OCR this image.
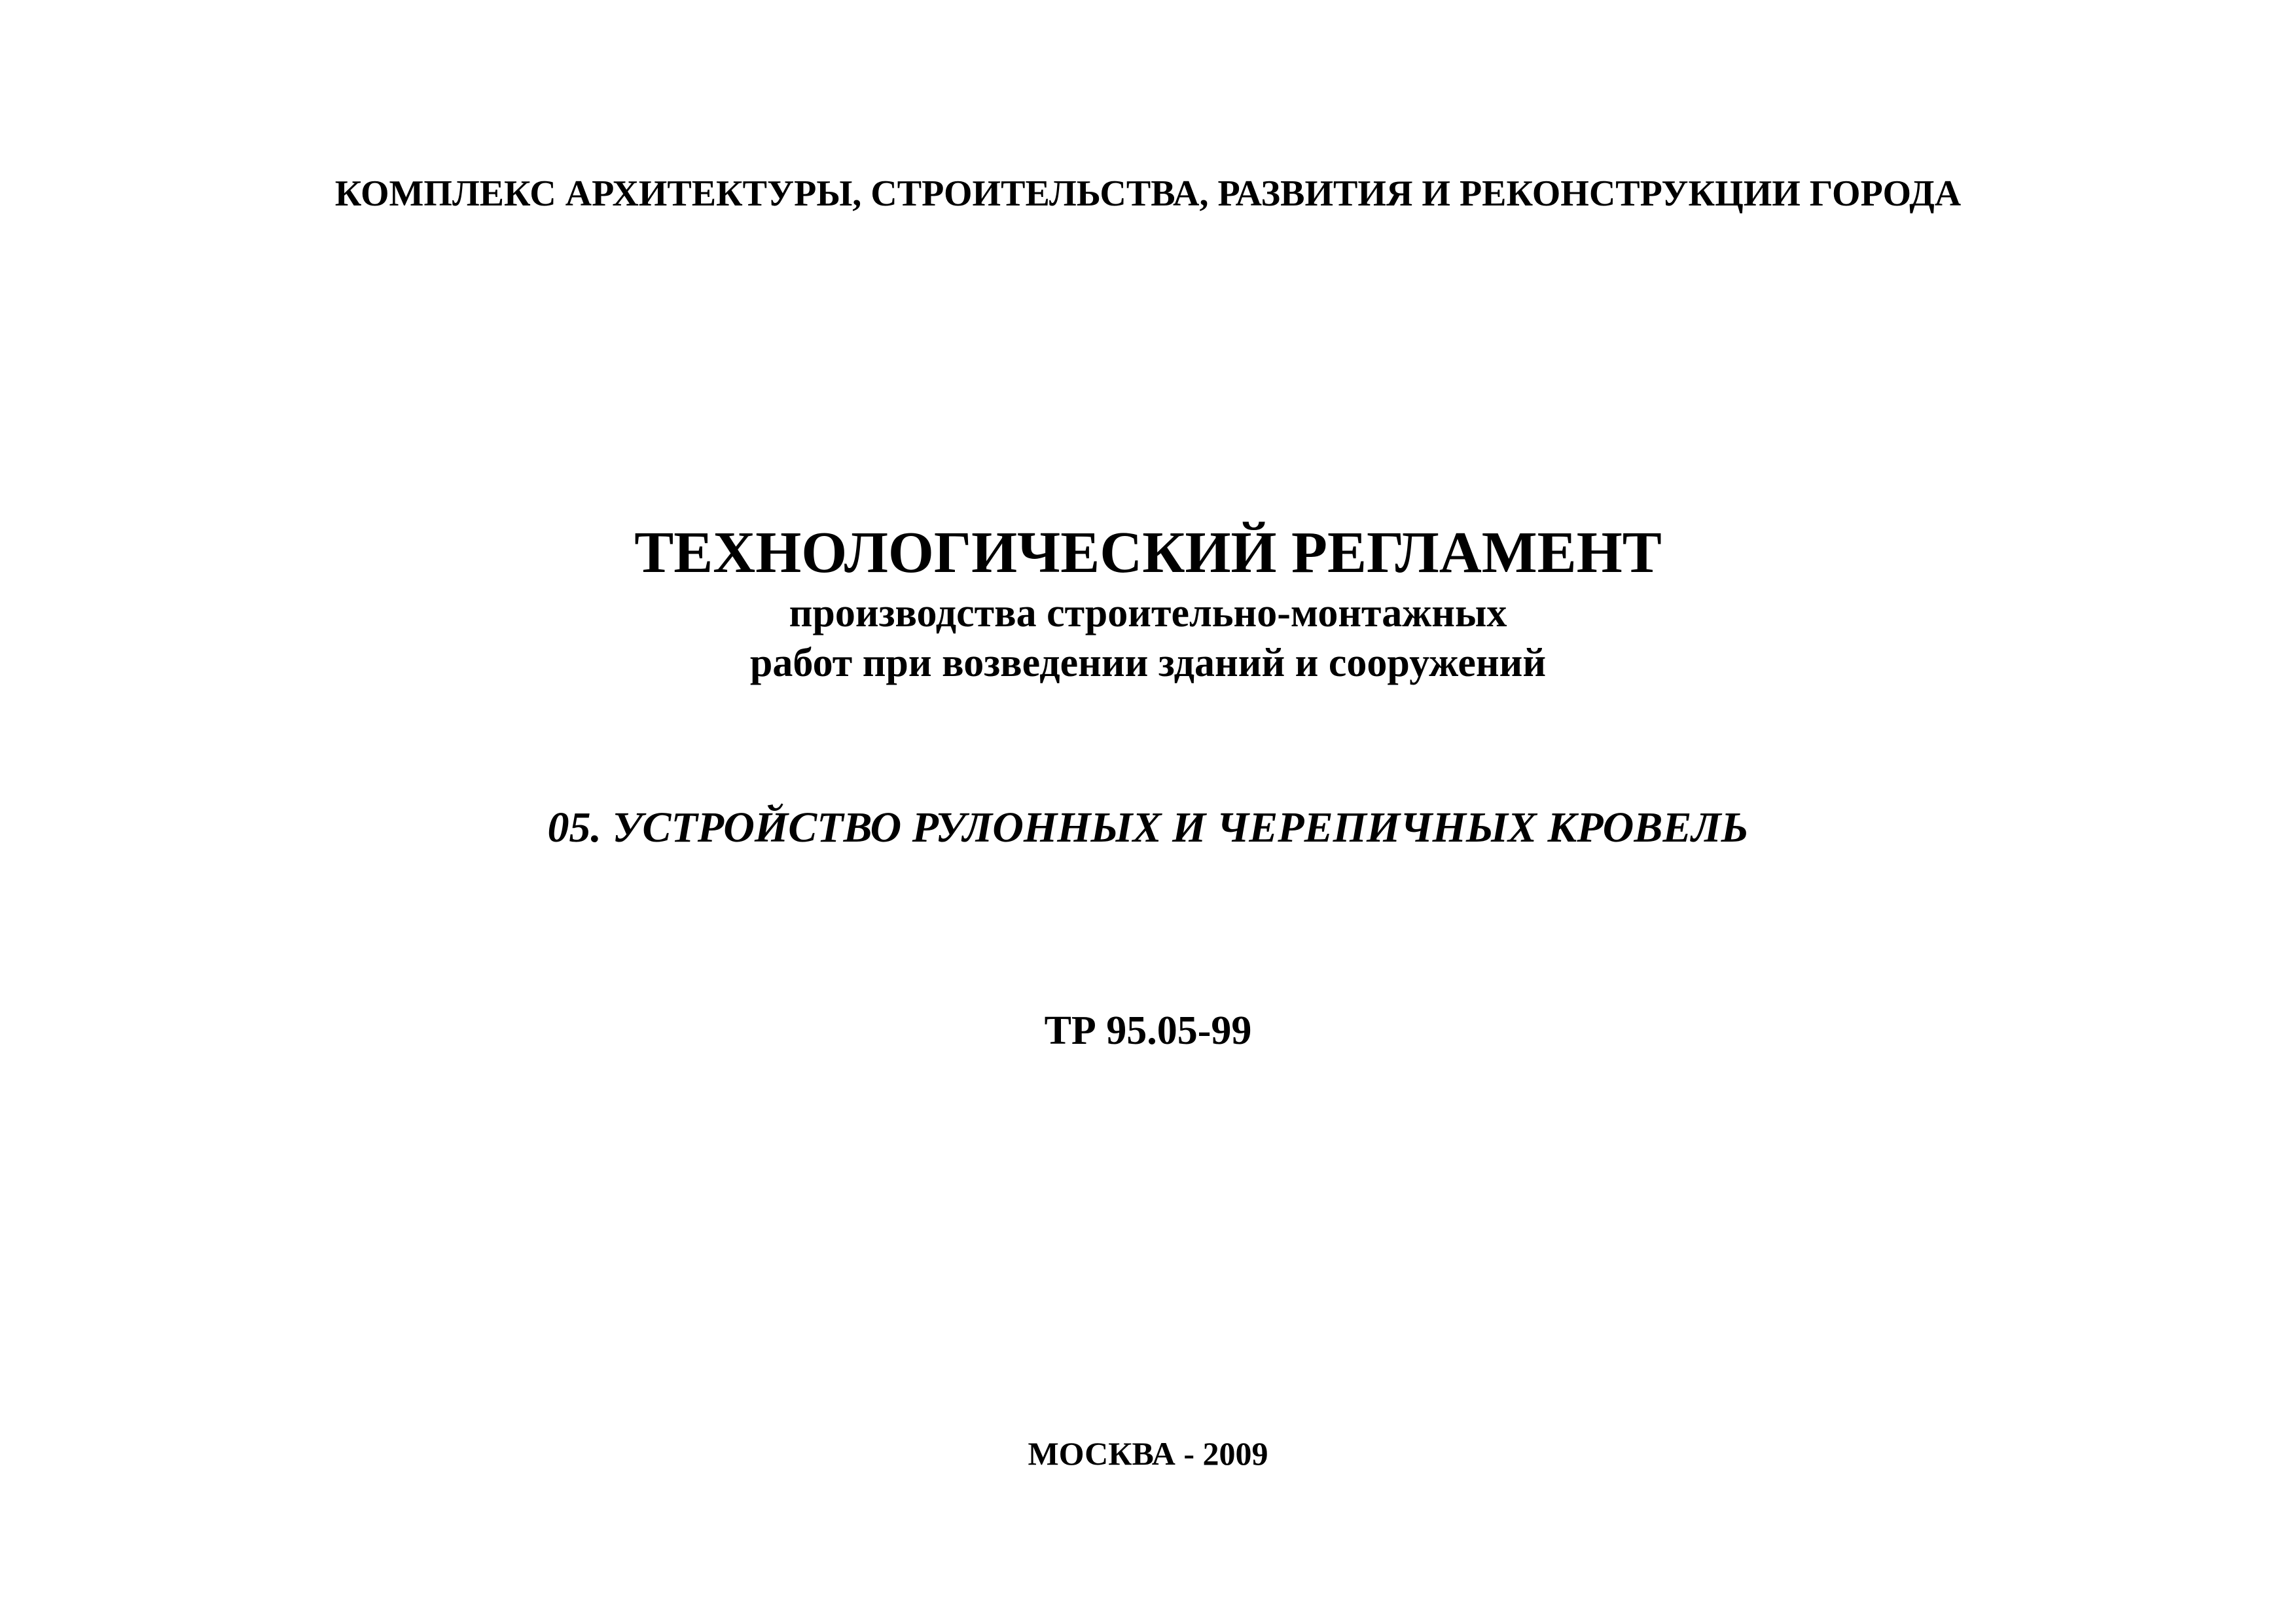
КОМПЛЕКС АРХИТЕКТУРЫ, СТРОИТЕЛЬСТВА, РАЗВИТИЯ И РЕКОНСТРУКЦИИ ГОРОДА

ТЕХНОЛОГИЧЕСКИЙ РЕГЛАМЕНТ

производства строительно-монтажных

работ при возведении зданий и сооружений

05. УСТРОЙСТВО РУЛОННЫХ И ЧЕРЕПИЧНЫХ КРОВЕЛЬ

ТР 95.05-99

МОСКВА - 2009
